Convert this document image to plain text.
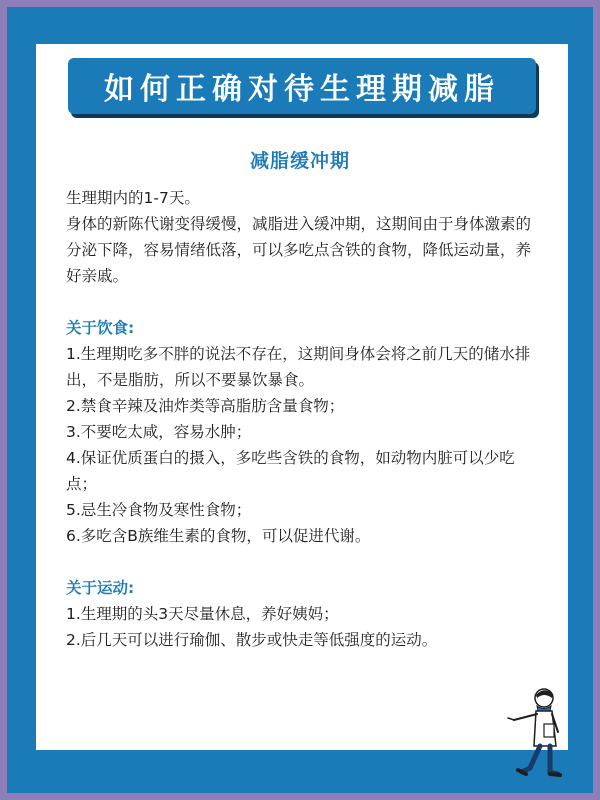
如何正确对待生理期减脂
减脂缓冲期

生理期内的1-7天。

身体的新陈代谢变得缓慢，减脂进入缓冲期，这期间由于身体激素的分泌下降，容易情绪低落，可以多吃点含铁的食物，降低运动量，养好亲戚。

关于饮食:

1.生理期吃多不胖的说法不存在，这期间身体会将之前几天的储水排出，不是脂肪，所以不要暴饮暴食。

2.禁食辛辣及油炸类等高脂肪含量食物；

3.不要吃太咸，容易水肿；

4.保证优质蛋白的摄入，多吃些含铁的食物，如动物内脏可以少吃点；

5.忌生冷食物及寒性食物；

6.多吃含B族维生素的食物，可以促进代谢。

关于运动:

1.生理期的头3天尽量休息，养好姨妈；

2.后几天可以进行瑜伽、散步或快走等低强度的运动。
